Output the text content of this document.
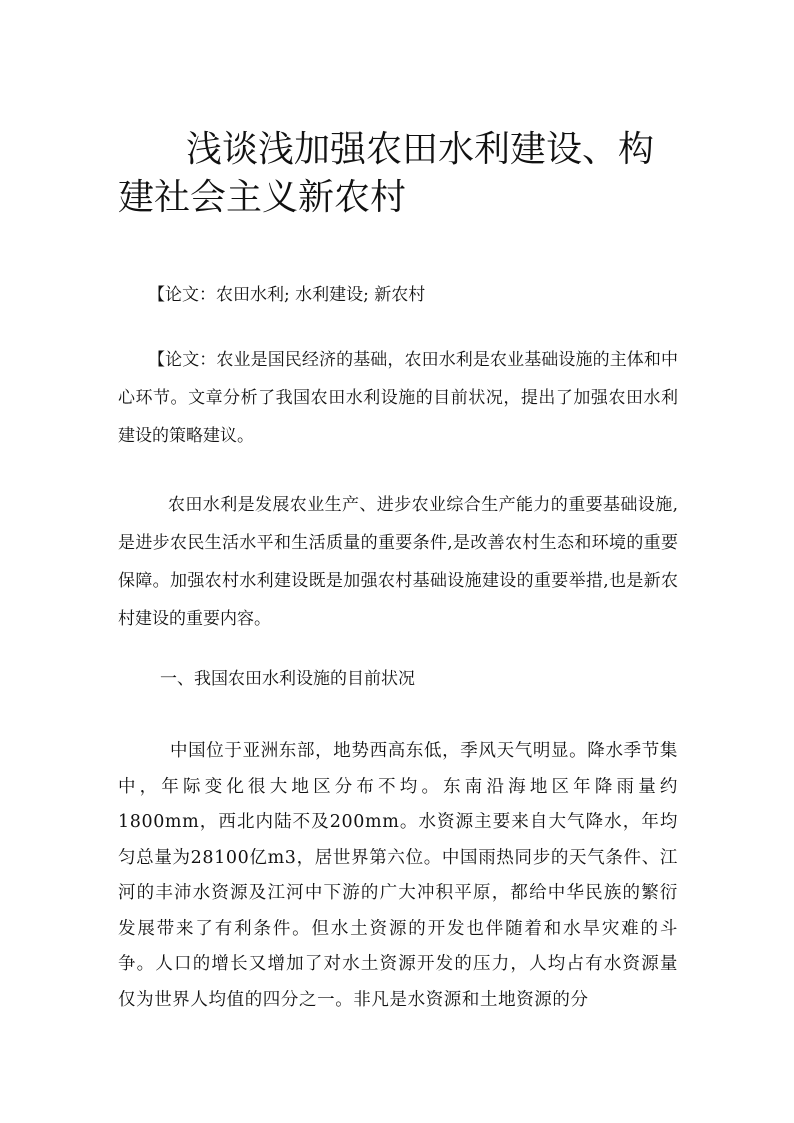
浅谈浅加强农田水利建设、构建社会主义新农村

【论文：农田水利; 水利建设; 新农村

【论文：农业是国民经济的基础，农田水利是农业基础设施的主体和中心环节。文章分析了我国农田水利设施的目前状况，提出了加强农田水利建设的策略建议。

农田水利是发展农业生产、进步农业综合生产能力的重要基础设施,是进步农民生活水平和生活质量的重要条件,是改善农村生态和环境的重要保障。加强农村水利建设既是加强农村基础设施建设的重要举措,也是新农村建设的重要内容。

一、我国农田水利设施的目前状况

中国位于亚洲东部，地势西高东低，季风天气明显。降水季节集中，年际变化很大地区分布不均。东南沿海地区年降雨量约1800mm，西北内陆不及200mm。水资源主要来自大气降水，年均匀总量为28100亿m3，居世界第六位。中国雨热同步的天气条件、江河的丰沛水资源及江河中下游的广大冲积平原，都给中华民族的繁衍发展带来了有利条件。但水土资源的开发也伴随着和水旱灾难的斗争。人口的增长又增加了对水土资源开发的压力，人均占有水资源量仅为世界人均值的四分之一。非凡是水资源和土地资源的分
